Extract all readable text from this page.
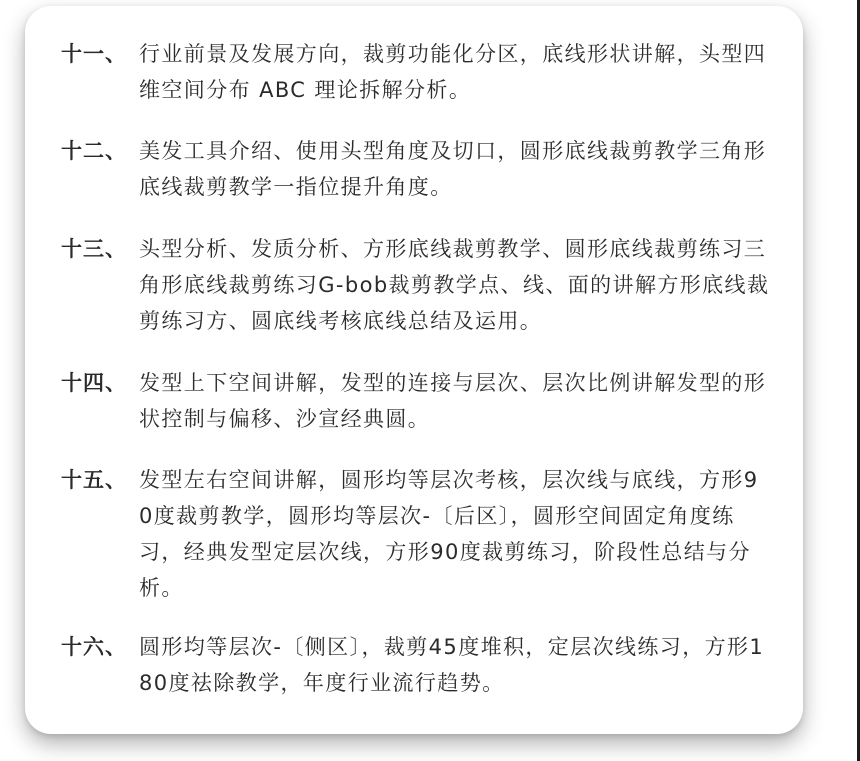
十一、 行业前景及发展方向，裁剪功能化分区，底线形状讲解，头型四维空间分布 ABC 理论拆解分析。
十二、 美发工具介绍、使用头型角度及切口，圆形底线裁剪教学三角形底线裁剪教学一指位提升角度。
十三、 头型分析、发质分析、方形底线裁剪教学、圆形底线裁剪练习三角形底线裁剪练习G-bob裁剪教学点、线、面的讲解方形底线裁剪练习方、圆底线考核底线总结及运用。
十四、 发型上下空间讲解，发型的连接与层次、层次比例讲解发型的形状控制与偏移、沙宣经典圆。
十五、 发型左右空间讲解，圆形均等层次考核，层次线与底线，方形90度裁剪教学，圆形均等层次-〔后区〕，圆形空间固定角度练习，经典发型定层次线，方形90度裁剪练习，阶段性总结与分析。
十六、 圆形均等层次-〔侧区〕，裁剪45度堆积，定层次线练习，方形180度祛除教学，年度行业流行趋势。
